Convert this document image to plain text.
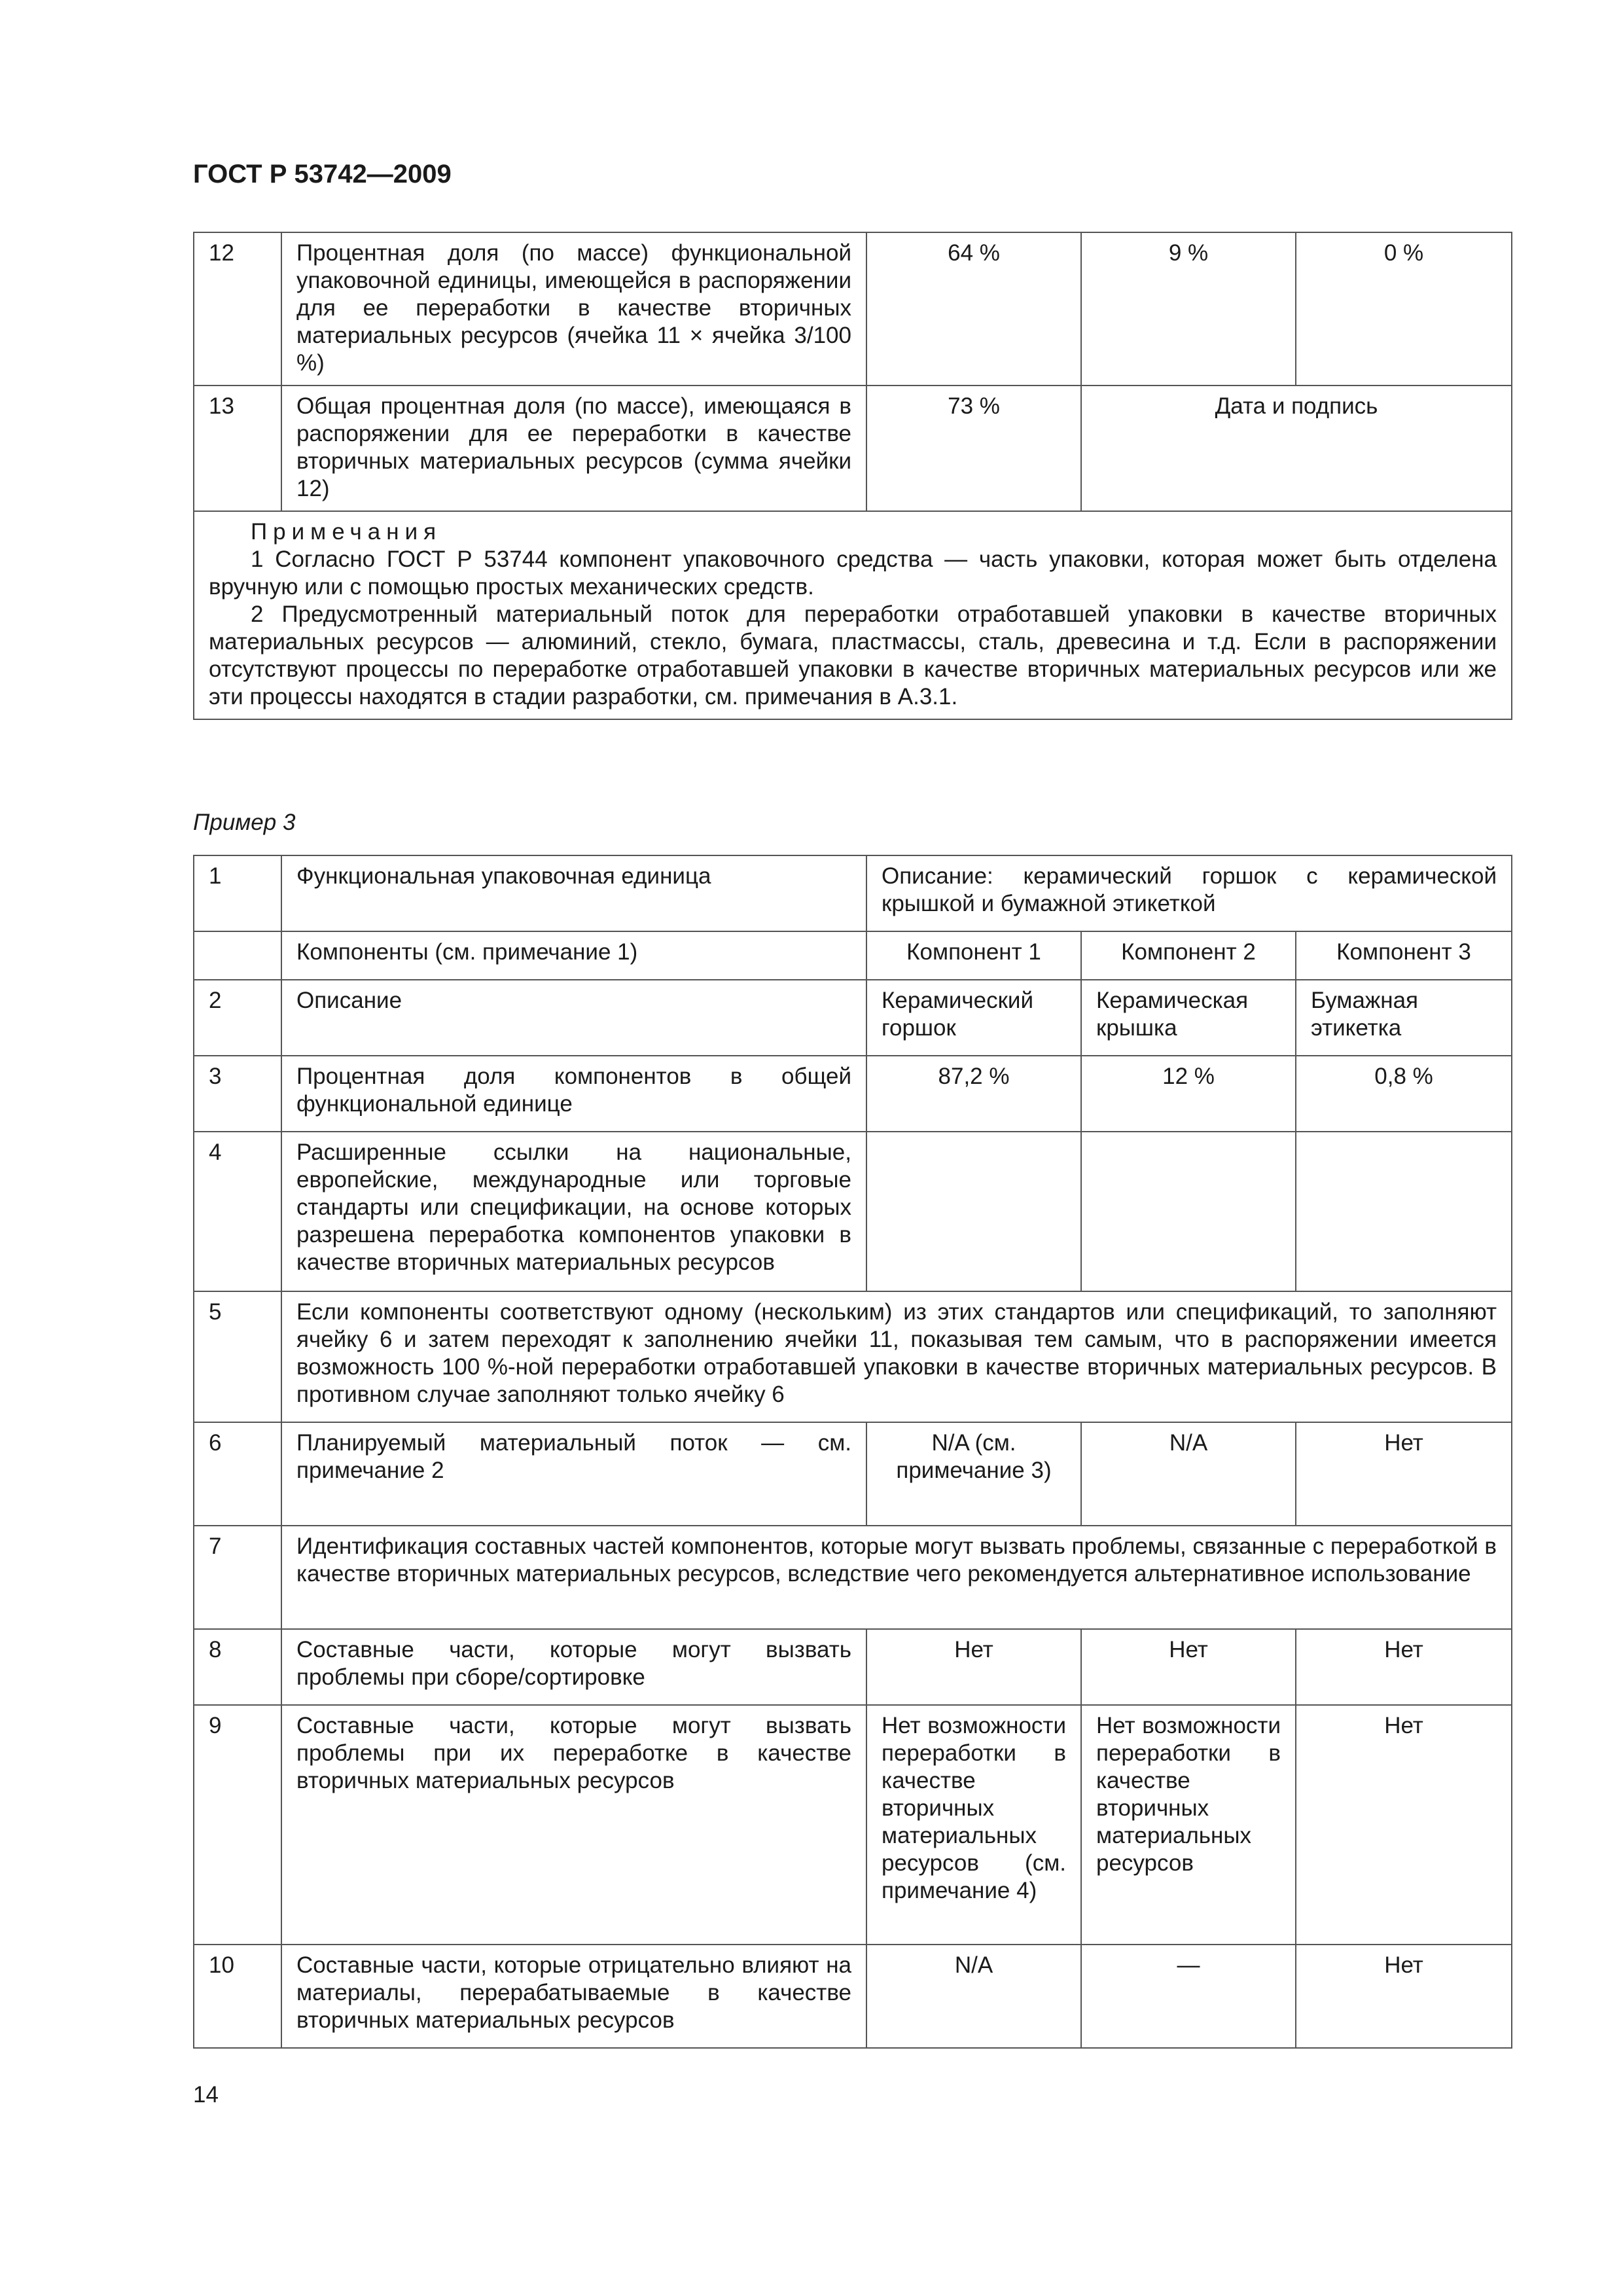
ГОСТ Р 53742—2009
12	Процентная доля (по массе) функциональной упаковочной единицы, имеющейся в распоряжении для ее переработки в качестве вторичных материальных ресурсов (ячейка 11 × ячейка 3/100 %)	64 %	9 %	0 %
13	Общая процентная доля (по массе), имеющаяся в распоряжении для ее переработки в качестве вторичных материальных ресурсов (сумма ячейки 12)	73 %	Дата и подпись	

Примечания
1 Согласно ГОСТ Р 53744 компонент упаковочного средства — часть упаковки, которая может быть отделена вручную или с помощью простых механических средств.
2 Предусмотренный материальный поток для переработки отработавшей упаковки в качестве вторичных материальных ресурсов — алюминий, стекло, бумага, пластмассы, сталь, древесина и т.д. Если в распоряжении отсутствуют процессы по переработке отработавшей упаковки в качестве вторичных материальных ресурсов или же эти процессы находятся в стадии разработки, см. примечания в А.3.1.				
Пример 3
1	Функциональная упаковочная единица	Описание: керамический горшок с керамической крышкой и бумажной этикеткой		
	Компоненты (см. примечание 1)	Компонент 1	Компонент 2	Компонент 3
2	Описание	Керамический горшок	Керамическая крышка	Бумажная этикетка
3	Процентная доля компонентов в общей функциональной единице	87,2 %	12 %	0,8 %
4	Расширенные ссылки на национальные, европейские, международные или торговые стандарты или спецификации, на основе которых разрешена переработка компонентов упаковки в качестве вторичных материальных ресурсов			
5	Если компоненты соответствуют одному (нескольким) из этих стандартов или спецификаций, то заполняют ячейку 6 и затем переходят к заполнению ячейки 11, показывая тем самым, что в распоряжении имеется возможность 100 %-ной переработки отработавшей упаковки в качестве вторичных материальных ресурсов. В противном случае заполняют только ячейку 6			
6	Планируемый материальный поток — см. примечание 2	N/A (см. примечание 3)	N/A	Нет
7	Идентификация составных частей компонентов, которые могут вызвать проблемы, связанные с переработкой в качестве вторичных материальных ресурсов, вследствие чего рекомендуется альтернативное использование			
8	Составные части, которые могут вызвать проблемы при сборе/сортировке	Нет	Нет	Нет
9	Составные части, которые могут вызвать проблемы при их переработке в качестве вторичных материальных ресурсов	Нет возможности переработки в качестве вторичных материальных ресурсов (см. примечание 4)	Нет возможности переработки в качестве вторичных материальных ресурсов	Нет
10	Составные части, которые отрицательно влияют на материалы, перерабатываемые в качестве вторичных материальных ресурсов	N/A	—	Нет
14
